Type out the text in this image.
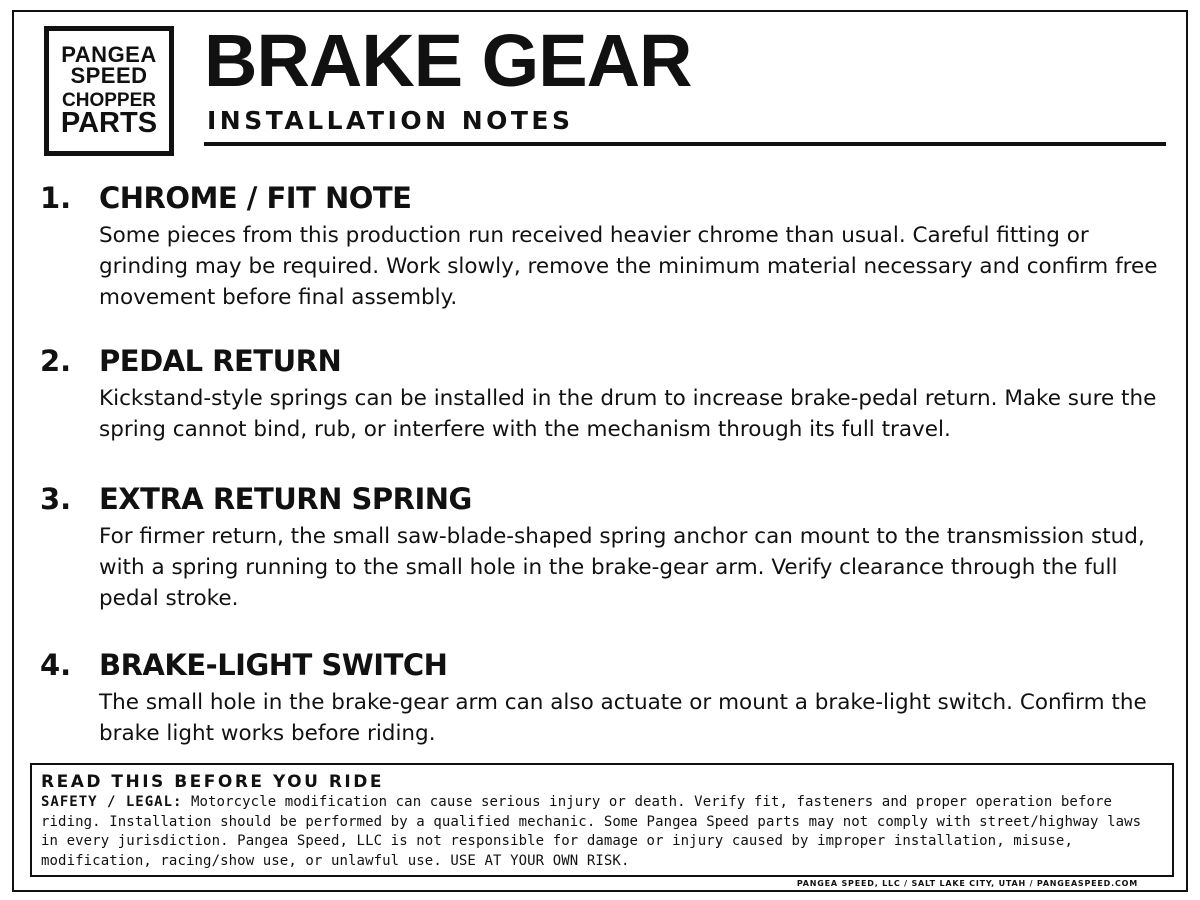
PANGEA
SPEED
CHOPPER
PARTS
BRAKE GEAR
INSTALLATION NOTES
1. CHROME / FIT NOTE

Some pieces from this production run received heavier chrome than usual. Careful fitting or grinding may be required. Work slowly, remove the minimum material necessary and confirm free movement before final assembly.

2. PEDAL RETURN

Kickstand-style springs can be installed in the drum to increase brake-pedal return. Make sure the spring cannot bind, rub, or interfere with the mechanism through its full travel.

3. EXTRA RETURN SPRING

For firmer return, the small saw-blade-shaped spring anchor can mount to the transmission stud, with a spring running to the small hole in the brake-gear arm. Verify clearance through the full pedal stroke.

4. BRAKE-LIGHT SWITCH

The small hole in the brake-gear arm can also actuate or mount a brake-light switch. Confirm the brake light works before riding.

READ THIS BEFORE YOU RIDE

SAFETY / LEGAL: Motorcycle modification can cause serious injury or death. Verify fit, fasteners and proper operation before riding. Installation should be performed by a qualified mechanic. Some Pangea Speed parts may not comply with street/highway laws in every jurisdiction. Pangea Speed, LLC is not responsible for damage or injury caused by improper installation, misuse, modification, racing/show use, or unlawful use. USE AT YOUR OWN RISK.

PANGEA SPEED, LLC / SALT LAKE CITY, UTAH / PANGEASPEED.COM
